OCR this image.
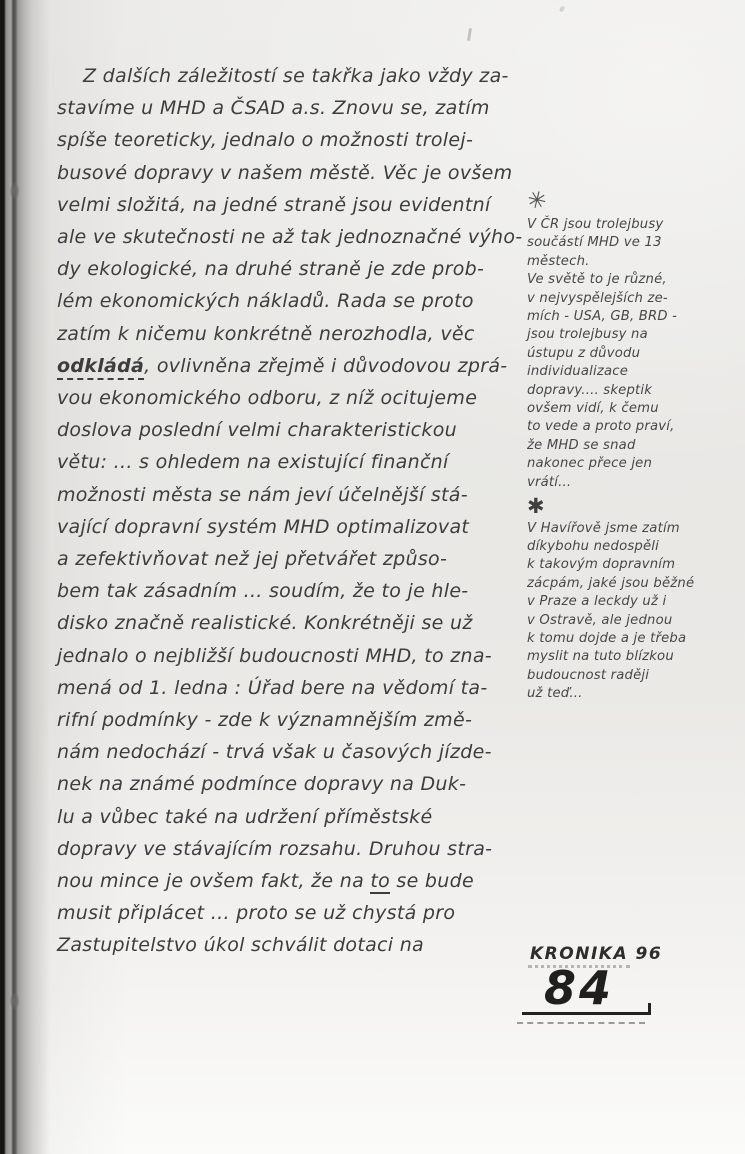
Z dalších záležitostí se takřka jako vždy za-
stavíme u MHD a ČSAD a.s. Znovu se, zatím
spíše teoreticky, jednalo o možnosti trolej-
busové dopravy v našem městě. Věc je ovšem
velmi složitá, na jedné straně jsou evidentní
ale ve skutečnosti ne až tak jednoznačné výho-
dy ekologické, na druhé straně je zde prob-
lém ekonomických nákladů. Rada se proto
zatím k ničemu konkrétně nerozhodla, věc
odkládá, ovlivněna zřejmě i důvodovou zprá-
vou ekonomického odboru, z níž ocitujeme
doslova poslední velmi charakteristickou
větu: ... s ohledem na existující finanční
možnosti města se nám jeví účelnější stá-
vající dopravní systém MHD optimalizovat
a zefektivňovat než jej přetvářet způso-
bem tak zásadním ... soudím, že to je hle-
disko značně realistické. Konkrétněji se už
jednalo o nejbližší budoucnosti MHD, to zna-
mená od 1. ledna : Úřad bere na vědomí ta-
rifní podmínky - zde k významnějším změ-
nám nedochází - trvá však u časových jízde-
nek na známé podmínce dopravy na Duk-
lu a vůbec také na udržení příměstské
dopravy ve stávajícím rozsahu. Druhou stra-
nou mince je ovšem fakt, že na to se bude
musit připlácet ... proto se už chystá pro
Zastupitelstvo úkol schválit dotaci na
✳
V ČR jsou trolejbusy
součástí MHD ve 13
městech.
Ve světě to je různé,
v nejvyspělejších ze-
mích - USA, GB, BRD -
jsou trolejbusy na
ústupu z důvodu
individualizace
dopravy.... skeptik
ovšem vidí, k čemu
to vede a proto praví,
že MHD se snad
nakonec přece jen
vrátí...
✱
V Havířově jsme zatím
díkybohu nedospěli
k takovým dopravním
zácpám, jaké jsou běžné
v Praze a leckdy už i
v Ostravě, ale jednou
k tomu dojde a je třeba
myslit na tuto blízkou
budoucnost raději
už teď...
KRONIKA 96
84
